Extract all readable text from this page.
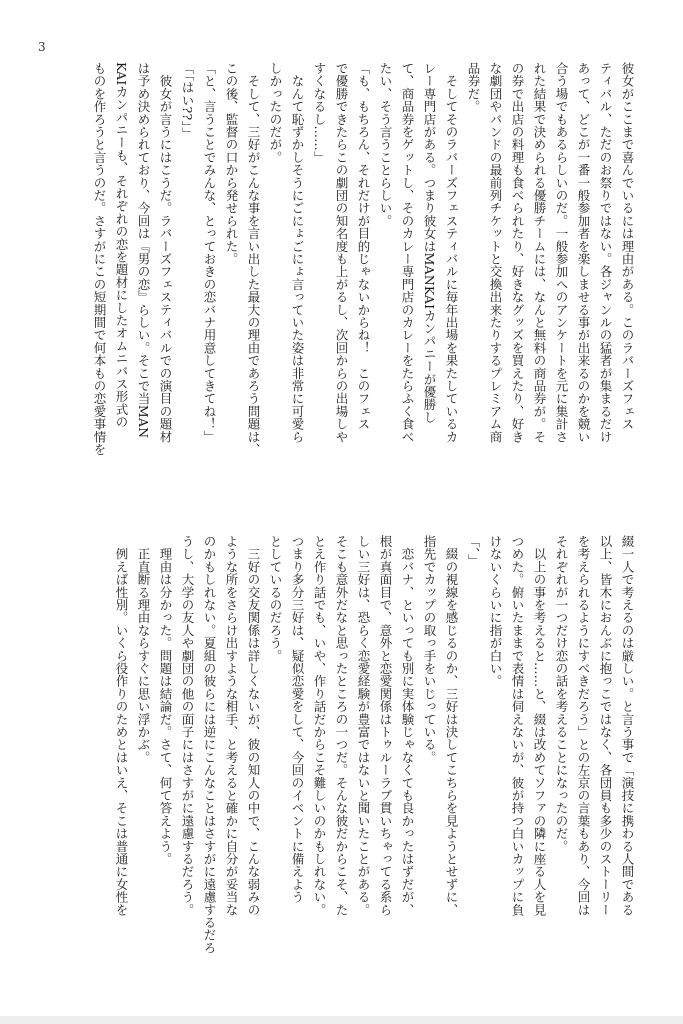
3

彼女がここまで喜んでいるには理由がある。このラバーズフェス

ティバル、ただのお祭りではない。各ジャンルの猛者が集まるだけ

あって、どこが一番一般参加者を楽しませる事が出来るのかを競い

合う場でもあるらしいのだ。一般参加へのアンケートを元に集計さ

れた結果で決められる優勝チームには、なんと無料の商品券が。そ

の券で出店の料理も食べられたり、好きなグッズを買えたり、好き

な劇団やバンドの最前列チケットと交換出来たりするプレミアム商

品券だ。

　そしてそのラバーズフェスティバルに毎年出場を果たしているカ

レー専門店がある。つまり彼女はMANKAIカンパニーが優勝し

て、商品券をゲットし、そのカレー専門店のカレーをたらふく食べ

たい、そう言うことらしい。

「も、もちろん、それだけが目的じゃないからね！　このフェス

で優勝できたらこの劇団の知名度も上がるし、次回からの出場しや

すくなるし……」

　なんて恥ずかしそうにごにょごにょ言っていた姿は非常に可愛ら

しかったのだが。

　そして、三好がこんな事を言い出した最大の理由であろう問題は、

この後、監督の口から発せられた。

「と、言うことでみんな、とっておきの恋バナ用意してきてね！」

「「はい??」」

　彼女が言うにはこうだ。ラバーズフェスティバルでの演目の題材

は予め決められており、今回は『男の恋』らしい。そこで当MAN

KAIカンパニーも、それぞれの恋を題材にしたオムニバス形式の

ものを作ろうと言うのだ。さすがにこの短期間で何本もの恋愛事情を

綴一人で考えるのは厳しい。と言う事で「演技に携わる人間である

以上、皆木におんぶに抱っこではなく、各団員も多少のストーリー

を考えられるようにすべきだろう」との左京の言葉もあり、今回は

それぞれが一つだけ恋の話を考えることになったのだ。

　以上の事を考えると……と、綴は改めてソファの隣に座る人を見

つめた。俯いたままで表情は伺えないが、彼が持つ白いカップに負

けないくらいに指が白い。

「、」

　綴の視線を感じるのか、三好は決してこちらを見ようとせずに、

指先でカップの取っ手をいじっている。

　恋バナ、といっても別に実体験じゃなくても良かったはずだが、

根が真面目で、意外と恋愛関係はトゥルーラブ貫いちゃってる系ら

しい三好は、恐らく恋愛経験が豊富ではないと聞いたことがある。

そこも意外だなと思ったところの一つだ。そんな彼だからこそ、た

とえ作り話でも、いや、作り話だからこそ難しいのかもしれない。

つまり多分三好は、疑似恋愛をして、今回のイベントに備えよう

としているのだろう。

　三好の交友関係は詳しくないが、彼の知人の中で、こんな弱みの

ような所をさらけ出すような相手、と考えると確かに自分が妥当な

のかもしれない。夏組の彼らには逆にこんなことはさすがに遠慮するだろ

うし、大学の友人や劇団の他の面子にはさすがに遠慮するだろう。

　理由は分かった。問題は結論だ。さて、何て答えよう。

　正直断る理由ならすぐに思い浮かぶ。

　例えば性別。いくら役作りのためとはいえ、そこは普通に女性を
